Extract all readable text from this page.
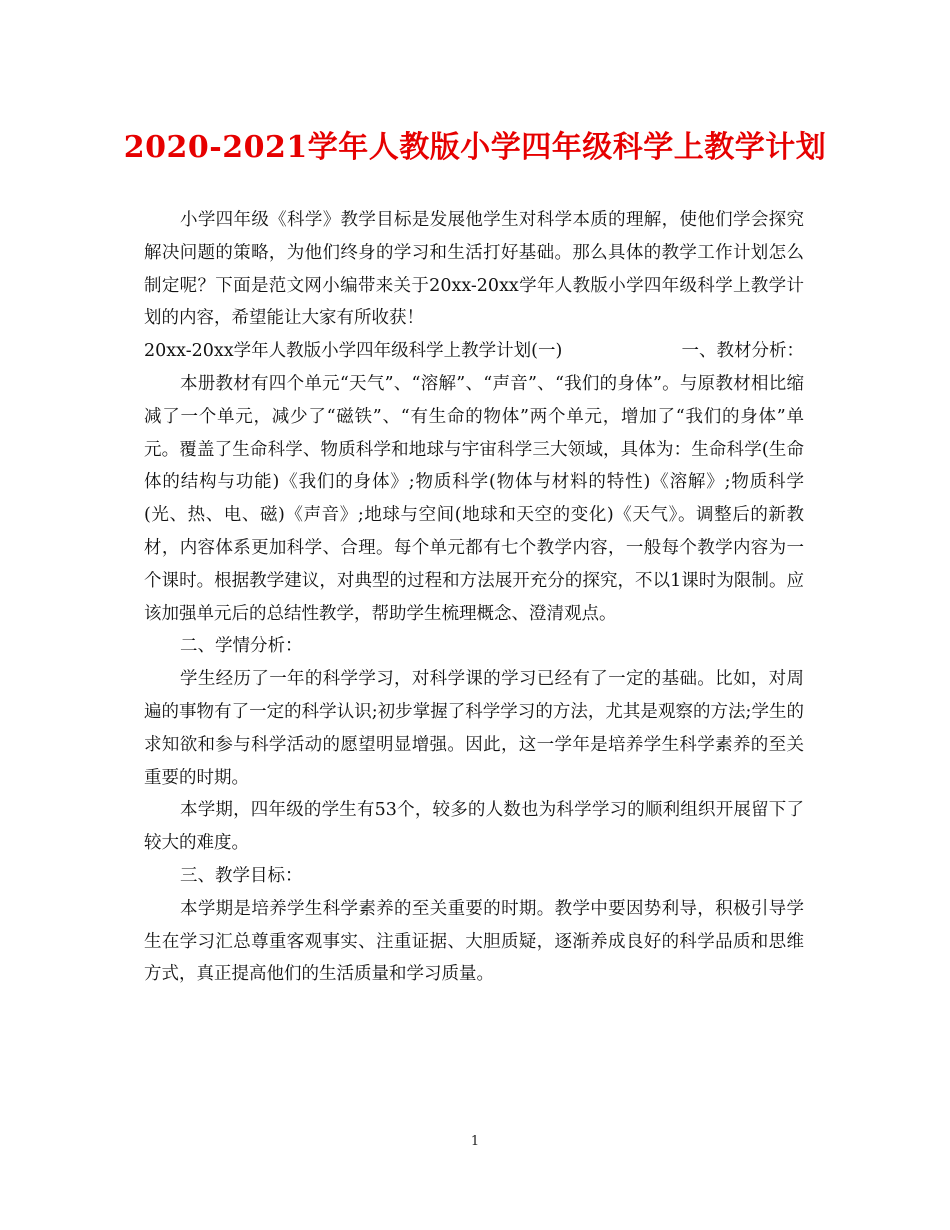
2020-2021学年人教版小学四年级科学上教学计划

小学四年级《科学》教学目标是发展他学生对科学本质的理解，使他们学会探究解决问题的策略，为他们终身的学习和生活打好基础。那么具体的教学工作计划怎么制定呢？下面是范文网小编带来关于20xx-20xx学年人教版小学四年级科学上教学计划的内容，希望能让大家有所收获！

20xx-20xx学年人教版小学四年级科学上教学计划(一)	一、教材分析：

本册教材有四个单元“天气”、“溶解”、“声音”、“我们的身体”。与原教材相比缩减了一个单元，减少了“磁铁”、“有生命的物体”两个单元，增加了“我们的身体”单元。覆盖了生命科学、物质科学和地球与宇宙科学三大领域，具体为：生命科学(生命体的结构与功能)《我们的身体》;物质科学(物体与材料的特性)《溶解》;物质科学(光、热、电、磁)《声音》;地球与空间(地球和天空的变化)《天气》。调整后的新教材，内容体系更加科学、合理。每个单元都有七个教学内容，一般每个教学内容为一个课时。根据教学建议，对典型的过程和方法展开充分的探究，不以1课时为限制。应该加强单元后的总结性教学，帮助学生梳理概念、澄清观点。

二、学情分析：

学生经历了一年的科学学习，对科学课的学习已经有了一定的基础。比如，对周遍的事物有了一定的科学认识;初步掌握了科学学习的方法，尤其是观察的方法;学生的求知欲和参与科学活动的愿望明显增强。因此，这一学年是培养学生科学素养的至关重要的时期。

本学期，四年级的学生有53个，较多的人数也为科学学习的顺利组织开展留下了较大的难度。

三、教学目标：

本学期是培养学生科学素养的至关重要的时期。教学中要因势利导，积极引导学生在学习汇总尊重客观事实、注重证据、大胆质疑，逐渐养成良好的科学品质和思维方式，真正提高他们的生活质量和学习质量。

1
